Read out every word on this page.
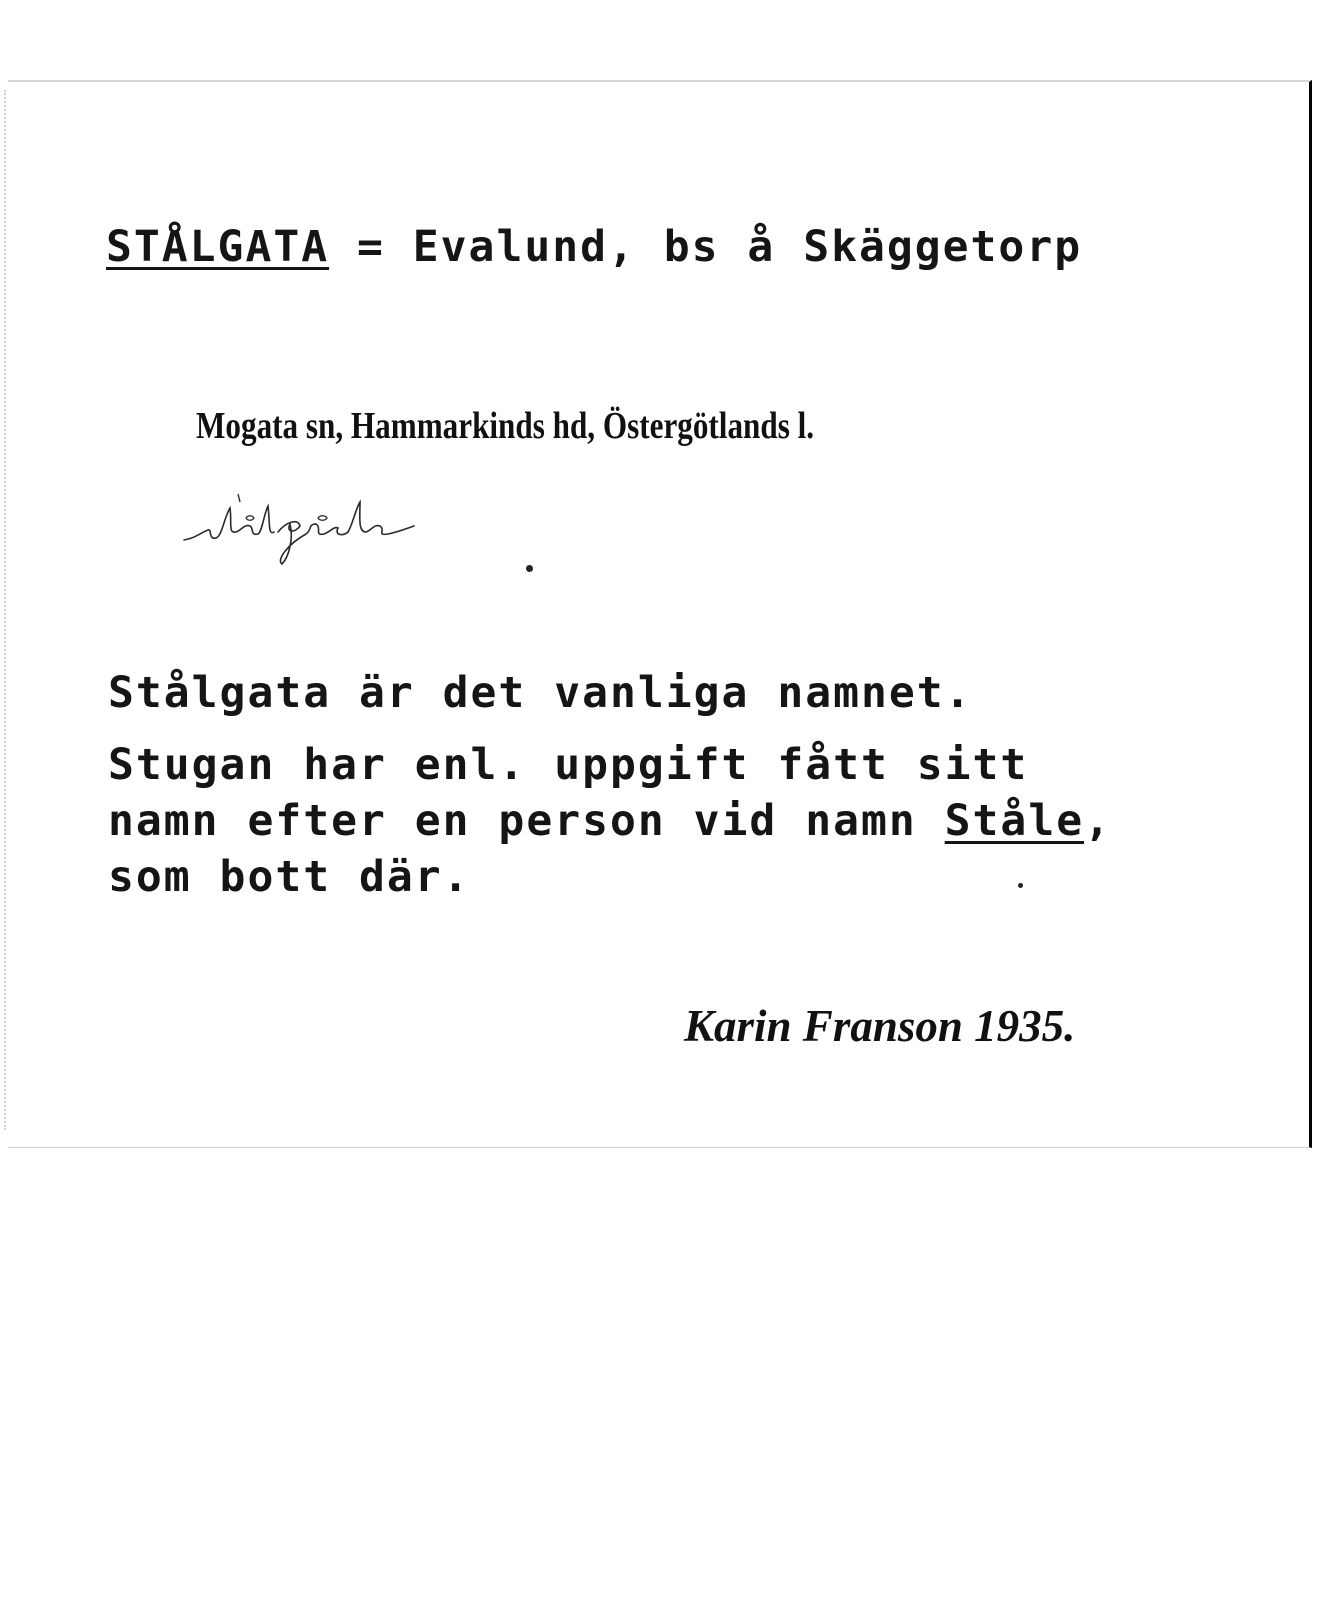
STÅLGATA = Evalund, bs å Skäggetorp
Mogata sn, Hammarkinds hd, Östergötlands l.
Stålgata är det vanliga namnet.
Stugan har enl. uppgift fått sitt
namn efter en person vid namn Ståle,
som bott där.
Karin Franson 1935.
